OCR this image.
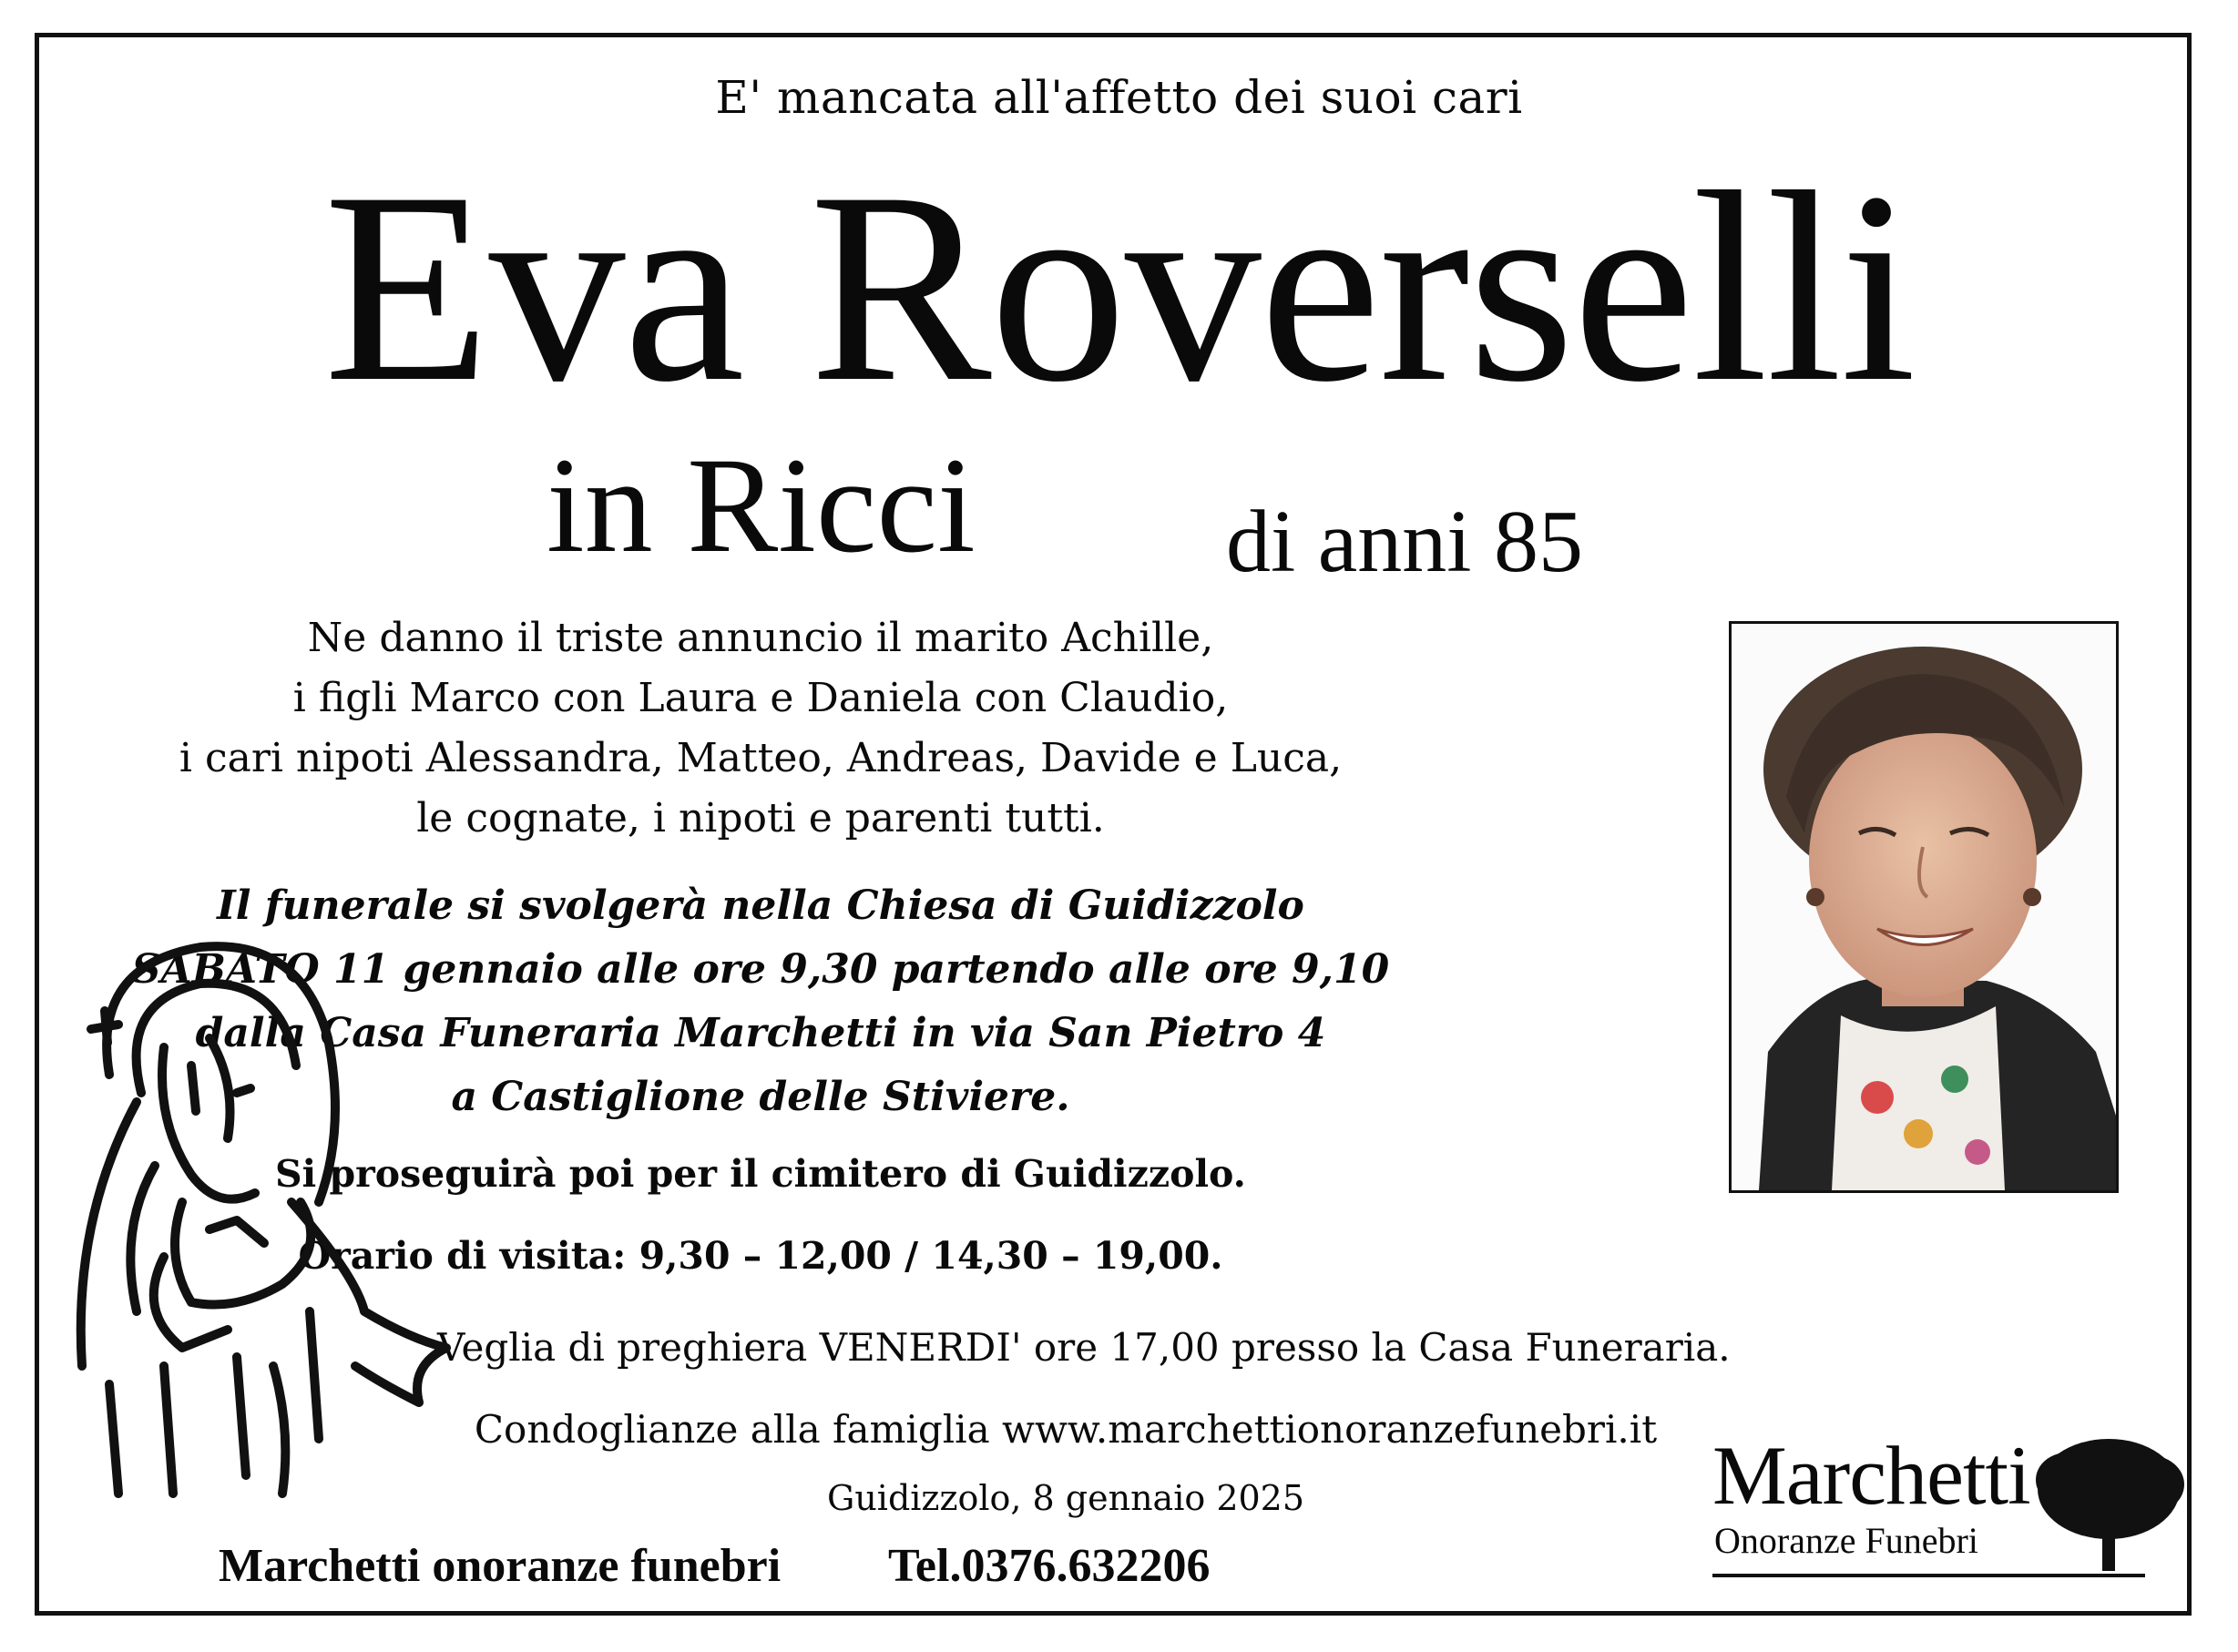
E' mancata all'affetto dei suoi cari
Eva Roverselli
in Ricci	di anni 85
Ne danno il triste annuncio il marito Achille,
i figli Marco con Laura e Daniela con Claudio,
i cari nipoti Alessandra, Matteo, Andreas, Davide e Luca,
le cognate, i nipoti e parenti tutti.
Il funerale si svolgerà nella Chiesa di Guidizzolo
SABATO 11 gennaio alle ore 9,30 partendo alle ore 9,10
dalla Casa Funeraria Marchetti in via San Pietro 4
a Castiglione delle Stiviere.
Si proseguirà poi per il cimitero di Guidizzolo.
Orario di visita: 9,30 – 12,00 / 14,30 – 19,00.
Veglia di preghiera VENERDI' ore 17,00 presso la Casa Funeraria.
Condoglianze alla famiglia www.marchettionoranzefunebri.it
Guidizzolo, 8 gennaio 2025
Marchetti onoranze funebri Tel.0376.632206
Marchetti
Onoranze Funebri
